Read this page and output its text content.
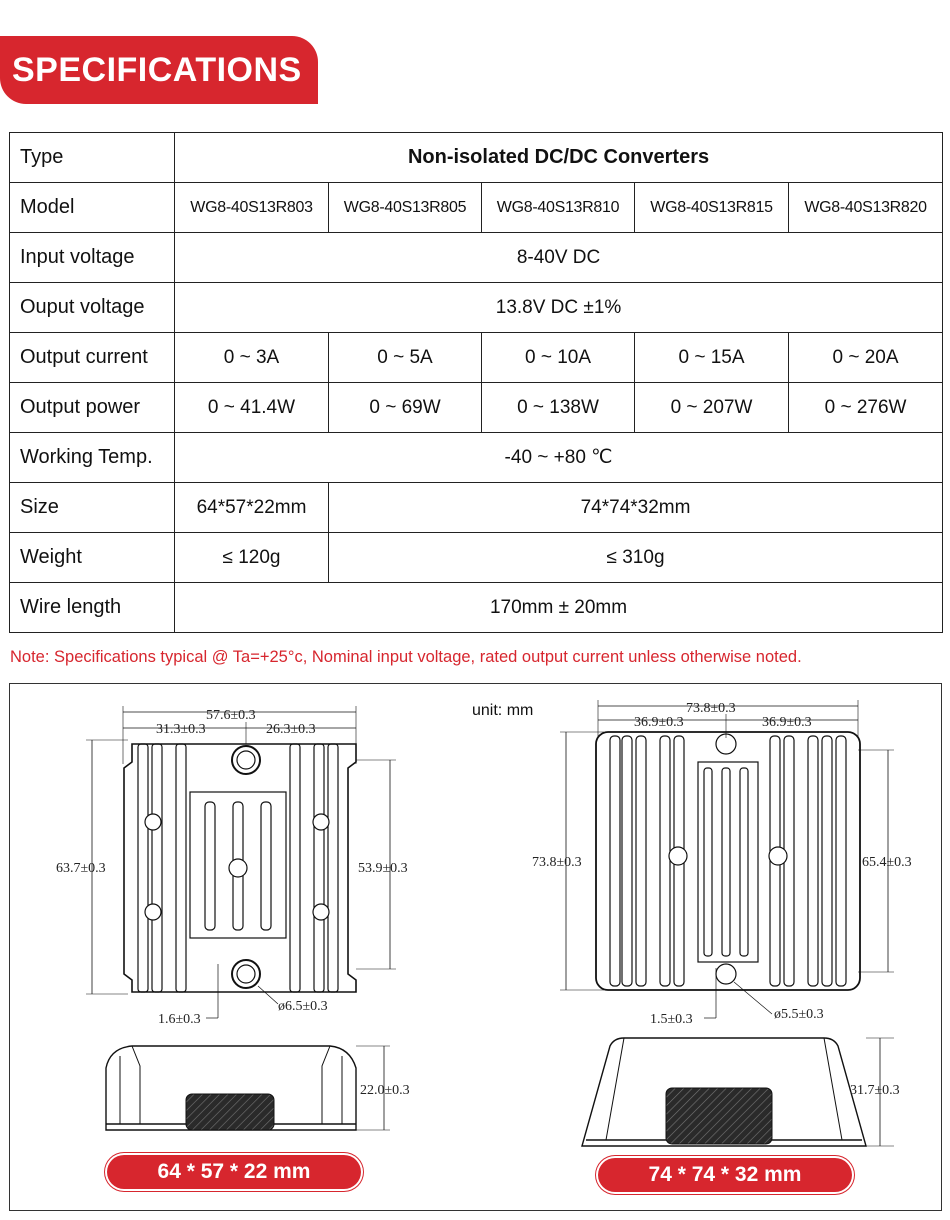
SPECIFICATIONS
Type	Non-isolated DC/DC Converters				
Model	WG8-40S13R803	WG8-40S13R805	WG8-40S13R810	WG8-40S13R815	WG8-40S13R820
Input voltage	8-40V DC				
Ouput voltage	13.8V DC ±1%				
Output current	0 ~ 3A	0 ~ 5A	0 ~ 10A	0 ~ 15A	0 ~ 20A
Output power	0 ~ 41.4W	0 ~ 69W	0 ~ 138W	0 ~ 207W	0 ~ 276W
Working Temp.	-40 ~ +80 ℃				
Size	64*57*22mm	74*74*32mm			
Weight	≤ 120g	≤ 310g			
Wire length	170mm ± 20mm				
Note: Specifications typical @ Ta=+25°c, Nominal input voltage, rated output current unless otherwise noted.
unit: mm
57.6±0.3
31.3±0.3	26.3±0.3
63.7±0.3	53.9±0.3
ø6.5±0.3
1.6±0.3
22.0±0.3
73.8±0.3
36.9±0.3	36.9±0.3
73.8±0.3	65.4±0.3
ø5.5±0.3
1.5±0.3
31.7±0.3
64 * 57 * 22 mm	74 * 74 * 32 mm
